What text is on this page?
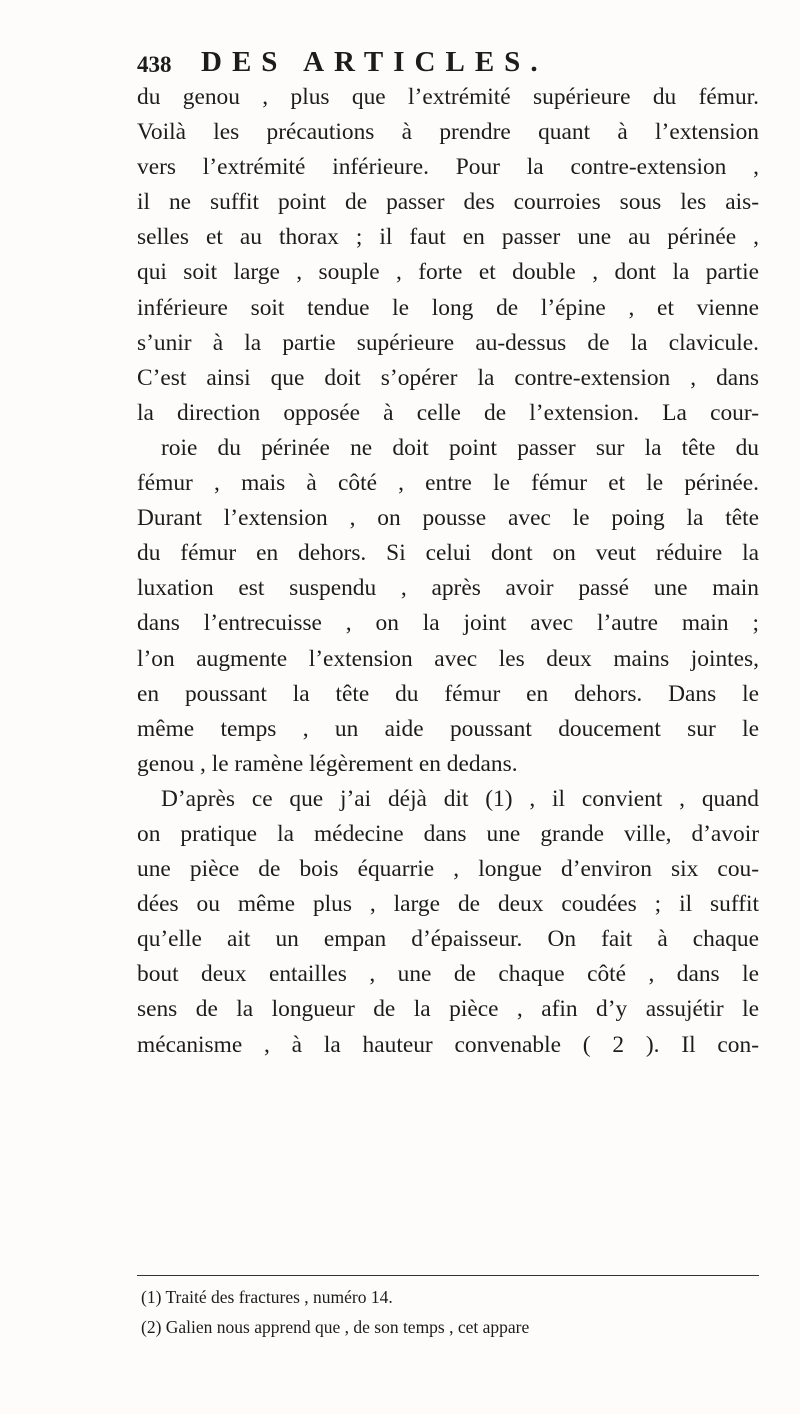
438 DES ARTICLES.
du genou , plus que l’extrémité supérieure du fémur.
Voilà les précautions à prendre quant à l’extension
vers l’extrémité inférieure. Pour la contre-extension ,
il ne suffit point de passer des courroies sous les ais-
selles et au thorax ; il faut en passer une au périnée ,
qui soit large , souple , forte et double , dont la partie
inférieure soit tendue le long de l’épine , et vienne
s’unir à la partie supérieure au-dessus de la clavicule.
C’est ainsi que doit s’opérer la contre-extension , dans
la direction opposée à celle de l’extension. La cour-
roie du périnée ne doit point passer sur la tête du
fémur , mais à côté , entre le fémur et le périnée.
Durant l’extension , on pousse avec le poing la tête
du fémur en dehors. Si celui dont on veut réduire la
luxation est suspendu , après avoir passé une main
dans l’entrecuisse , on la joint avec l’autre main ;
l’on augmente l’extension avec les deux mains jointes,
en poussant la tête du fémur en dehors. Dans le
même temps , un aide poussant doucement sur le
genou , le ramène légèrement en dedans.
D’après ce que j’ai déjà dit (1) , il convient , quand
on pratique la médecine dans une grande ville, d’avoir
une pièce de bois équarrie , longue d’environ six cou-
dées ou même plus , large de deux coudées ; il suffit
qu’elle ait un empan d’épaisseur. On fait à chaque
bout deux entailles , une de chaque côté , dans le
sens de la longueur de la pièce , afin d’y assujétir le
mécanisme , à la hauteur convenable ( 2 ). Il con-
(1) Traité des fractures , numéro 14.
(2) Galien nous apprend que , de son temps , cet appare
